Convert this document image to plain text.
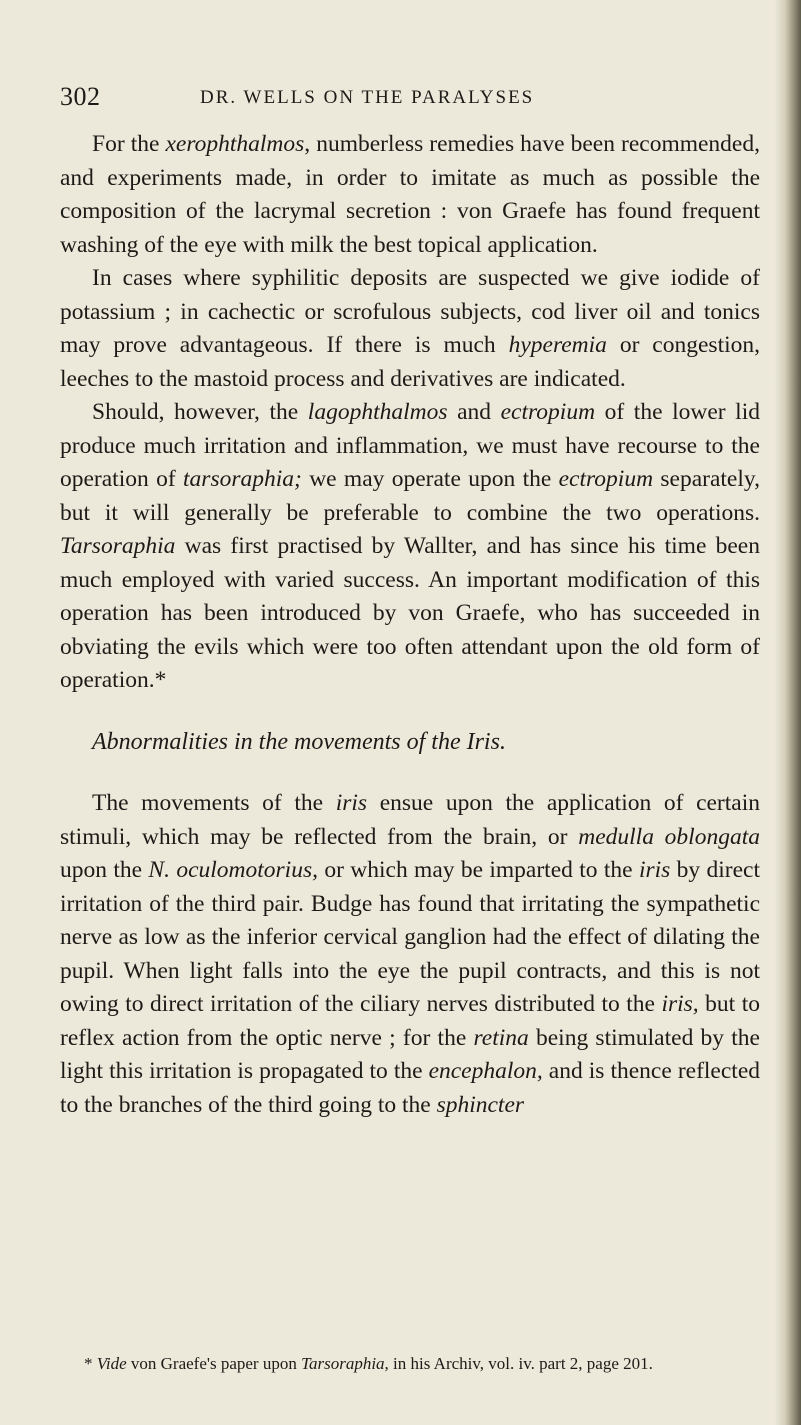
302	DR. WELLS ON THE PARALYSES

For the xerophthalmos, numberless remedies have been recommended, and experiments made, in order to imitate as much as possible the composition of the lacrymal secretion : von Graefe has found frequent washing of the eye with milk the best topical application.

In cases where syphilitic deposits are suspected we give iodide of potassium ; in cachectic or scrofulous subjects, cod liver oil and tonics may prove advantageous. If there is much hyperemia or congestion, leeches to the mastoid process and derivatives are indicated.

Should, however, the lagophthalmos and ectropium of the lower lid produce much irritation and inflammation, we must have recourse to the operation of tarsoraphia; we may operate upon the ectropium separately, but it will generally be preferable to combine the two operations. Tarsoraphia was first practised by Wallter, and has since his time been much employed with varied success. An important modification of this operation has been introduced by von Graefe, who has succeeded in obviating the evils which were too often attendant upon the old form of operation.*

Abnormalities in the movements of the Iris.

The movements of the iris ensue upon the application of certain stimuli, which may be reflected from the brain, or medulla oblongata upon the N. oculomotorius, or which may be imparted to the iris by direct irritation of the third pair. Budge has found that irritating the sympathetic nerve as low as the inferior cervical ganglion had the effect of dilating the pupil. When light falls into the eye the pupil contracts, and this is not owing to direct irritation of the ciliary nerves distributed to the iris, but to reflex action from the optic nerve ; for the retina being stimulated by the light this irritation is propagated to the encephalon, and is thence reflected to the branches of the third going to the sphincter

* Vide von Graefe's paper upon Tarsoraphia, in his Archiv, vol. iv. part 2, page 201.
